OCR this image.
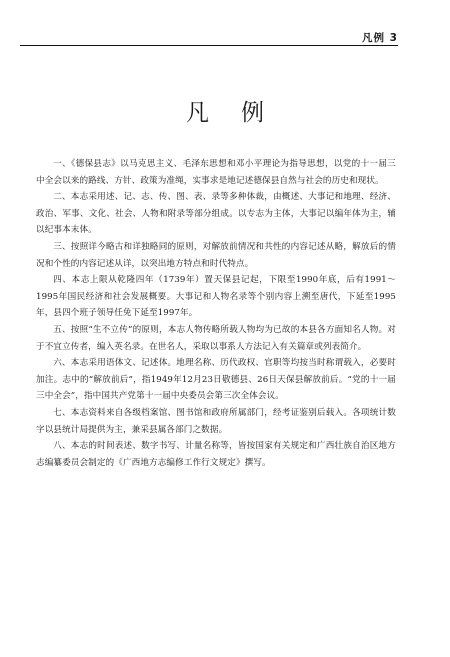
凡例 3
凡例

一、《德保县志》以马克思主义、毛泽东思想和邓小平理论为指导思想，以党的十一届三中全会以来的路线、方针、政策为准绳，实事求是地记述德保县自然与社会的历史和现状。

二、本志采用述、记、志、传、图、表、录等多种体裁，由概述、大事记和地理、经济、政治、军事、文化、社会、人物和附录等部分组成。以专志为主体，大事记以编年体为主，辅以纪事本末体。

三、按照详今略古和详独略同的原则，对解放前情况和共性的内容记述从略，解放后的情况和个性的内容记述从详，以突出地方特点和时代特点。

四、本志上限从乾隆四年（1739年）置天保县记起，下限至1990年底，后有1991～1995年国民经济和社会发展概要。大事记和人物名录等个别内容上溯至唐代，下延至1995年，县四个班子领导任免下延至1997年。

五、按照“生不立传”的原则，本志人物传略所载人物均为已故的本县各方面知名人物。对于不宜立传者，编入英名录。在世名人，采取以事系人方法记入有关篇章或列表简介。

六、本志采用语体文、记述体。地理名称、历代政权、官职等均按当时称谓载入，必要时加注。志中的“解放前后”，指1949年12月23日敬德县、26日天保县解放前后。“党的十一届三中全会”，指中国共产党第十一届中央委员会第三次全体会议。

七、本志资料来自各级档案馆、图书馆和政府所属部门，经考证鉴别后载入。各项统计数字以县统计局提供为主，兼采县属各部门之数据。

八、本志的时间表述、数字书写、计量名称等，皆按国家有关规定和广西壮族自治区地方志编纂委员会制定的《广西地方志编修工作行文规定》撰写。
